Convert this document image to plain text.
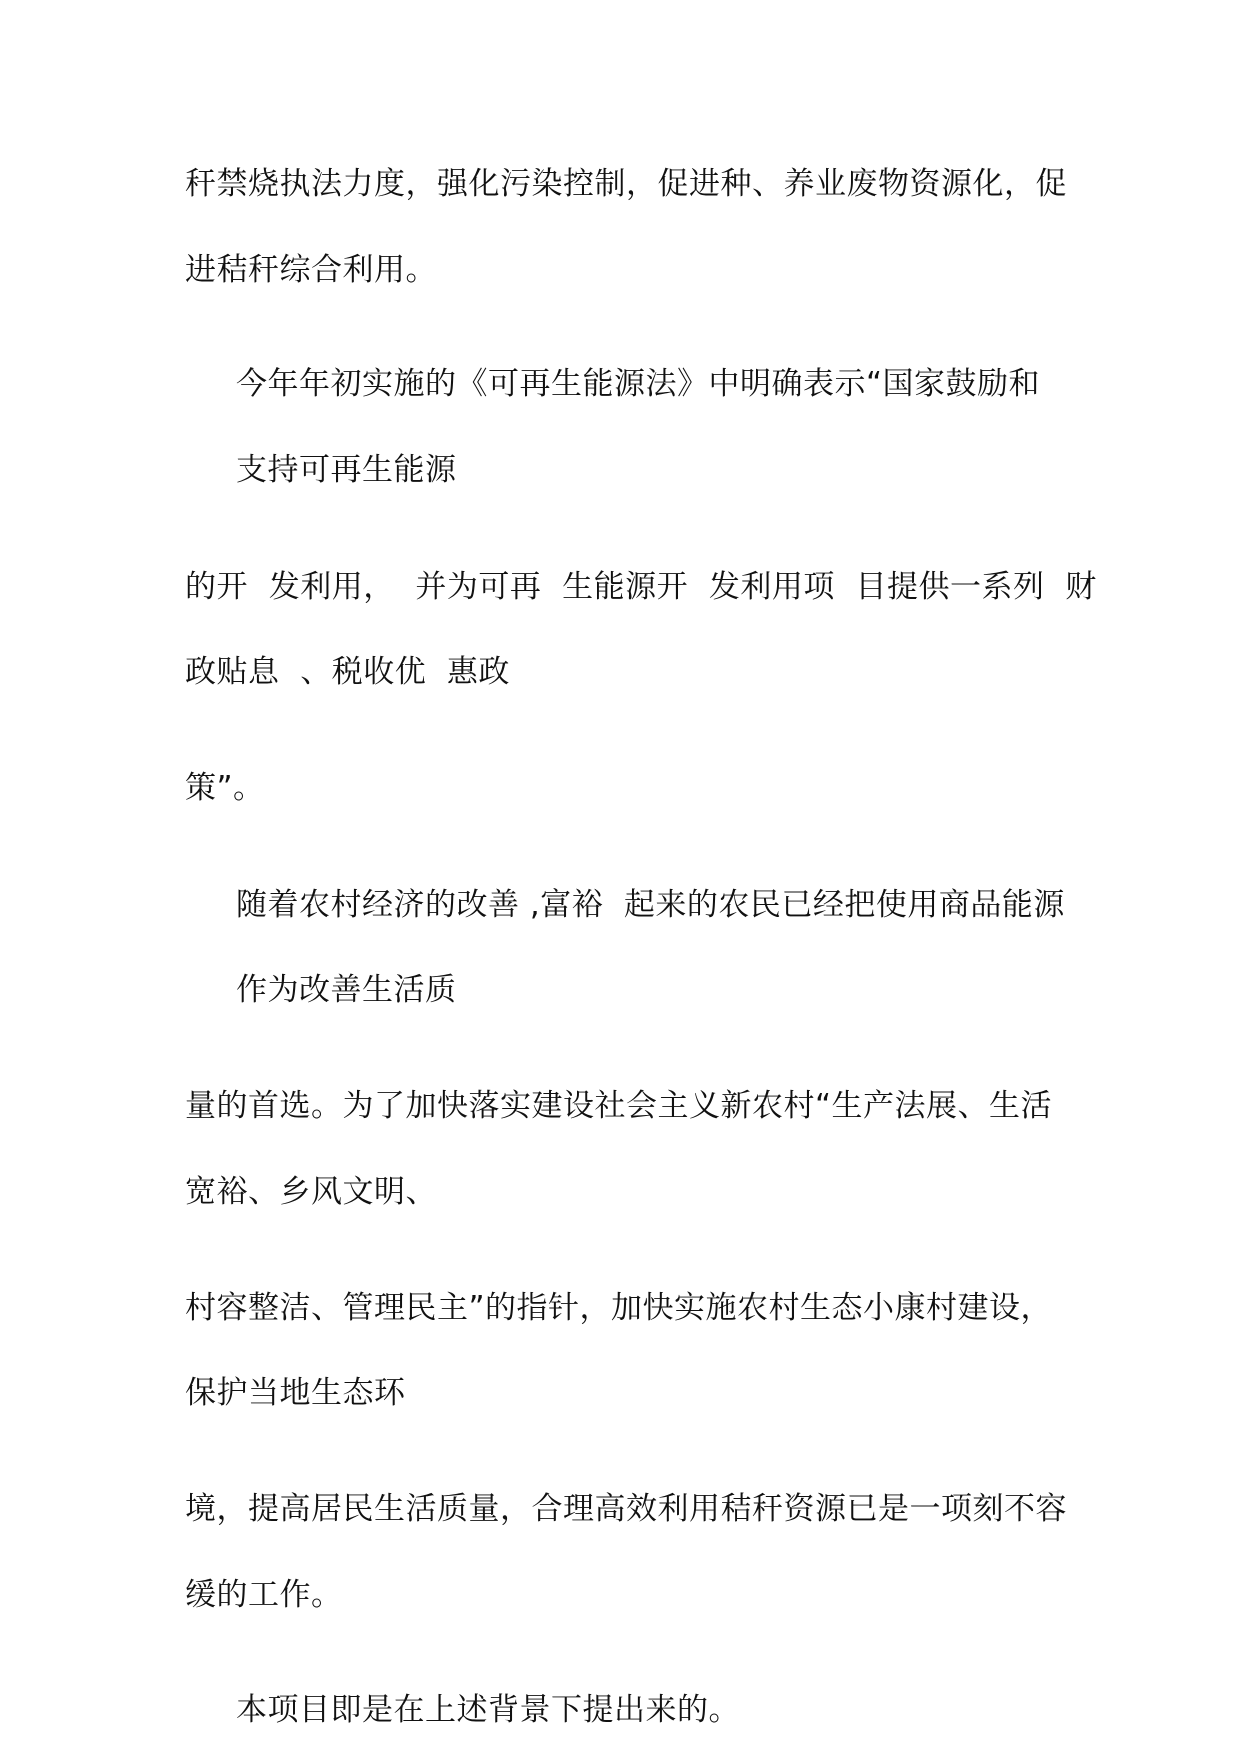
秆禁烧执法力度，强化污染控制，促进种、养业废物资源化，促
进秸秆综合利用。
今年年初实施的《可再生能源法》中明确表示“国家鼓励和
支持可再生能源
的开  发利用，  并为可再  生能源开  发利用项  目提供一系列  财
政贴息  、税收优  惠政
策”。
随着农村经济的改善 ,富裕  起来的农民已经把使用商品能源
作为改善生活质
量的首选。为了加快落实建设社会主义新农村“生产法展、生活
宽裕、乡风文明、
村容整洁、管理民主”的指针，加快实施农村生态小康村建设，
保护当地生态环
境，提高居民生活质量，合理高效利用秸秆资源已是一项刻不容
缓的工作。
本项目即是在上述背景下提出来的。
